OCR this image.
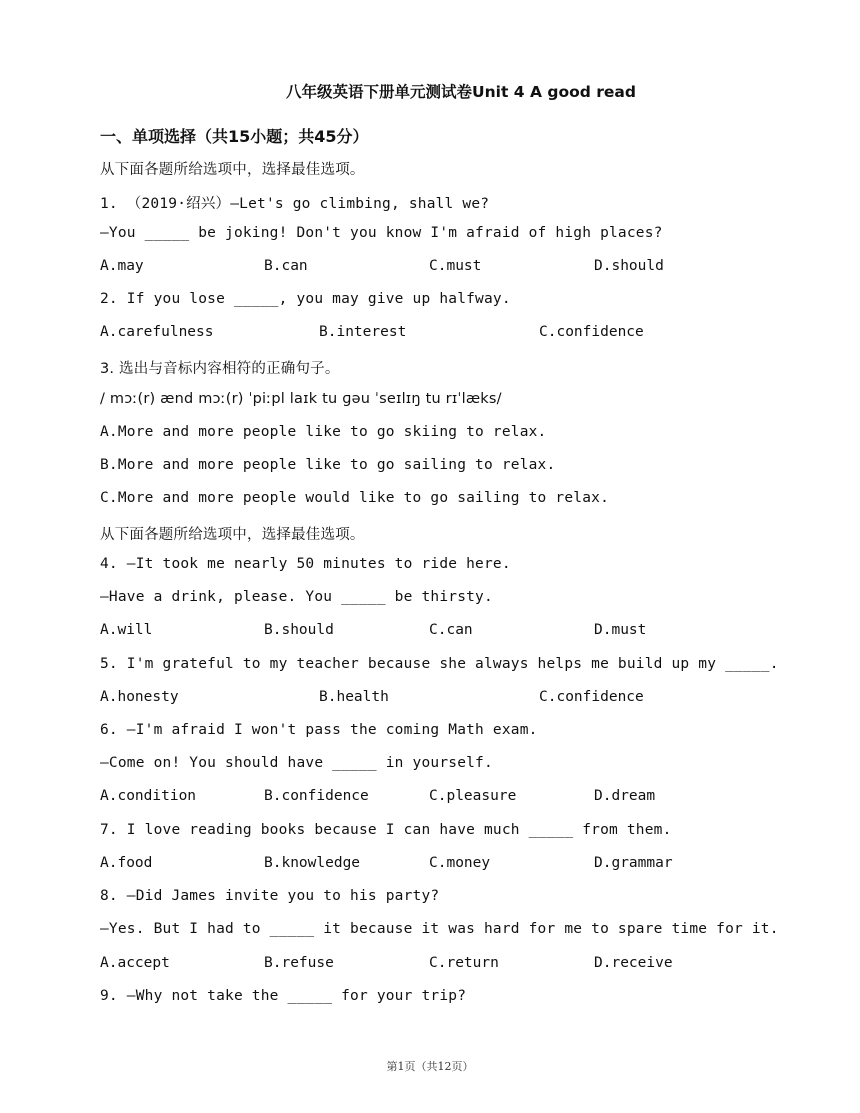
八年级英语下册单元测试卷Unit 4 A good read
一、单项选择（共15小题；共45分）
从下面各题所给选项中，选择最佳选项。
1. （2019·绍兴）—Let's go climbing, shall we?
—You _____ be joking! Don't you know I'm afraid of high places?

A.may

	B.can

	C.must

	D.should

2. If you lose _____, you may give up halfway.

A.carefulness

	B.interest

	C.confidence

3. 选出与音标内容相符的正确句子。
/ mɔː(r) ænd mɔː(r) ˈpiːpl laɪk tu ɡəu ˈseɪlɪŋ tu rɪˈlæks/
A.More and more people like to go skiing to relax.
B.More and more people like to go sailing to relax.
C.More and more people would like to go sailing to relax.
从下面各题所给选项中，选择最佳选项。
4. —It took me nearly 50 minutes to ride here.
—Have a drink, please. You _____ be thirsty.

A.will

	B.should

	C.can

	D.must

5. I'm grateful to my teacher because she always helps me build up my _____.

A.honesty

	B.health

	C.confidence

6. —I'm afraid I won't pass the coming Math exam.
—Come on! You should have _____ in yourself.

A.condition

	B.confidence

	C.pleasure

	D.dream

7. I love reading books because I can have much _____ from them.

A.food

	B.knowledge

	C.money

	D.grammar

8. —Did James invite you to his party?
—Yes. But I had to _____ it because it was hard for me to spare time for it.

A.accept

	B.refuse

	C.return

	D.receive

9. —Why not take the _____ for your trip?
第1页（共12页）
